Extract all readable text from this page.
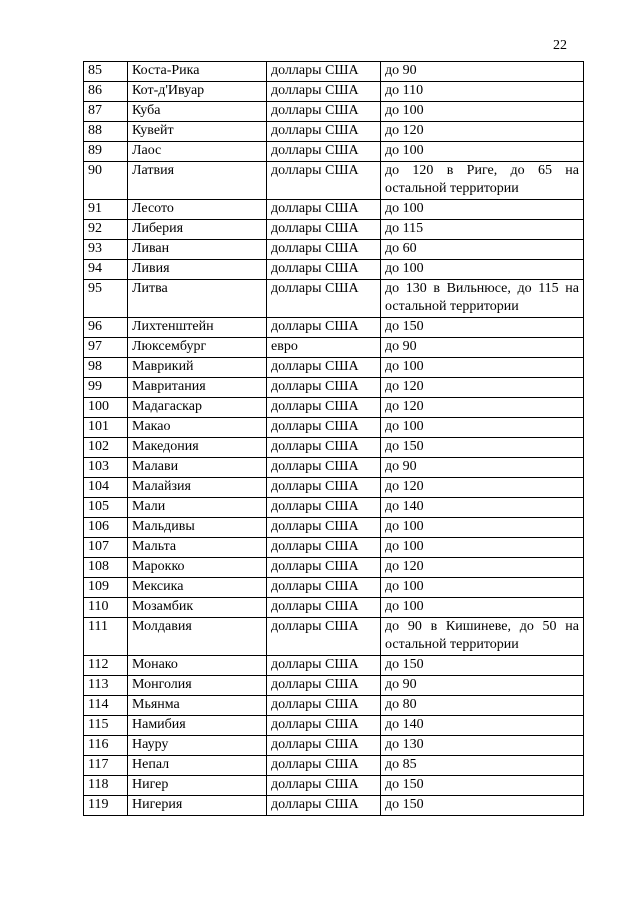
22
85	Коста-Рика	доллары США	до 90
86	Кот-д'Ивуар	доллары США	до 110
87	Куба	доллары США	до 100
88	Кувейт	доллары США	до 120
89	Лаос	доллары США	до 100
90	Латвия	доллары США	до 120 в Риге, до 65 на остальной территории
91	Лесото	доллары США	до 100
92	Либерия	доллары США	до 115
93	Ливан	доллары США	до 60
94	Ливия	доллары США	до 100
95	Литва	доллары США	до 130 в Вильнюсе, до 115 на остальной территории
96	Лихтенштейн	доллары США	до 150
97	Люксембург	евро	до 90
98	Маврикий	доллары США	до 100
99	Мавритания	доллары США	до 120
100	Мадагаскар	доллары США	до 120
101	Макао	доллары США	до 100
102	Македония	доллары США	до 150
103	Малави	доллары США	до 90
104	Малайзия	доллары США	до 120
105	Мали	доллары США	до 140
106	Мальдивы	доллары США	до 100
107	Мальта	доллары США	до 100
108	Марокко	доллары США	до 120
109	Мексика	доллары США	до 100
110	Мозамбик	доллары США	до 100
111	Молдавия	доллары США	до 90 в Кишиневе, до 50 на остальной территории
112	Монако	доллары США	до 150
113	Монголия	доллары США	до 90
114	Мьянма	доллары США	до 80
115	Намибия	доллары США	до 140
116	Науру	доллары США	до 130
117	Непал	доллары США	до 85
118	Нигер	доллары США	до 150
119	Нигерия	доллары США	до 150
